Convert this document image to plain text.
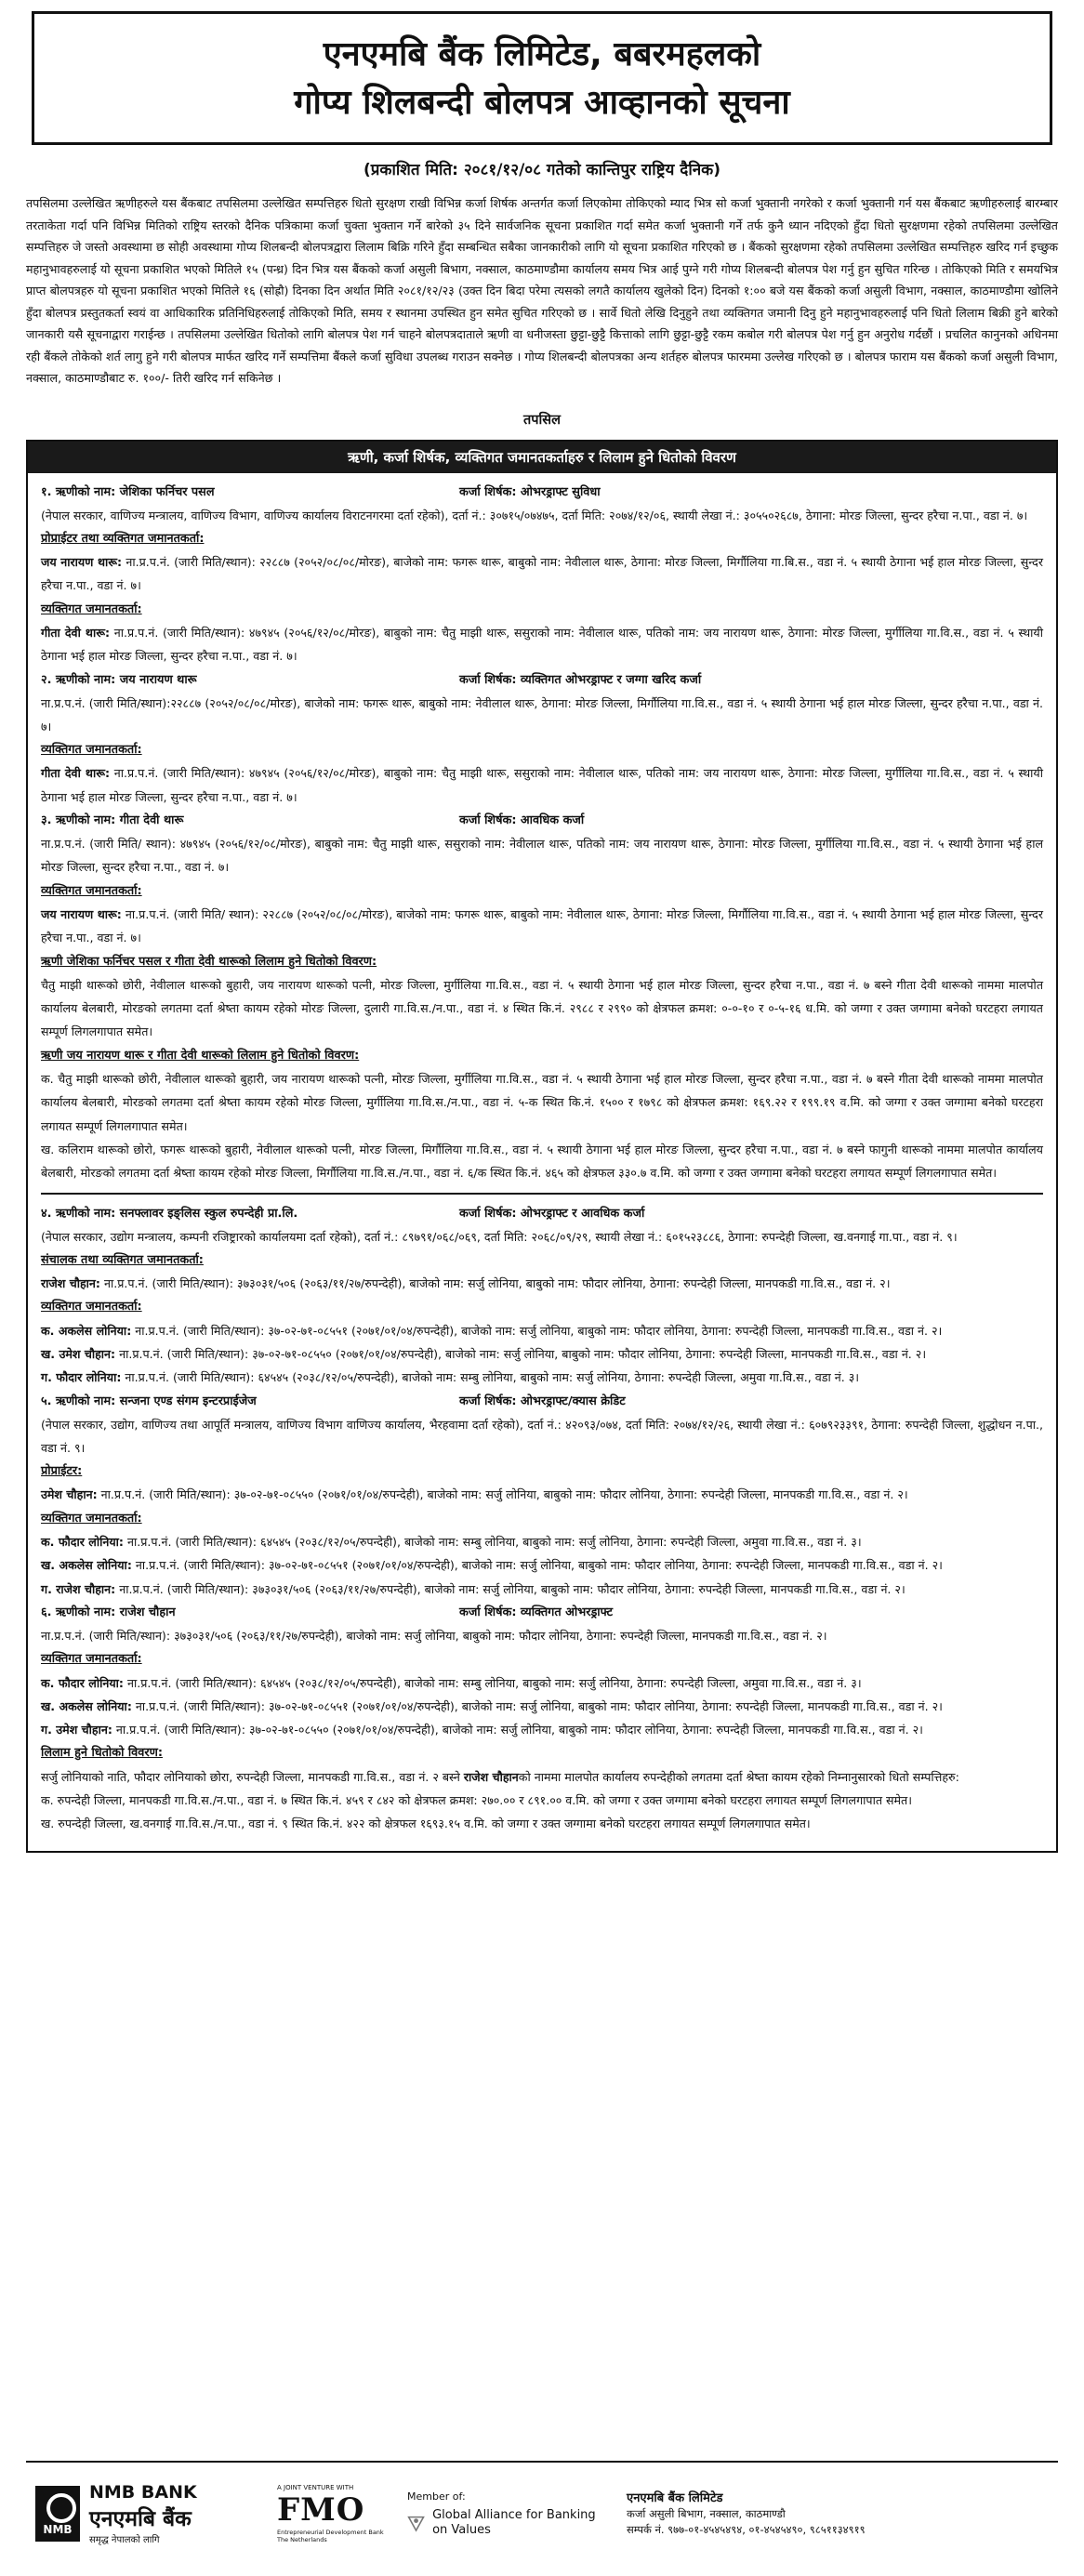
एनएमबि बैंक लिमिटेड, बबरमहलको
गोप्य शिलबन्दी बोलपत्र आव्हानको सूचना
(प्रकाशित मिति: २०८१/१२/०८ गतेको कान्तिपुर राष्ट्रिय दैनिक)
तपसिलमा उल्लेखित ऋणीहरुले यस बैंकबाट तपसिलमा उल्लेखित सम्पत्तिहरु धितो सुरक्षण राखी विभिन्न कर्जा शिर्षक अन्तर्गत कर्जा लिएकोमा तोकिएको म्याद भित्र सो कर्जा भुक्तानी नगरेको र कर्जा भुक्तानी गर्न यस बैंकबाट ऋणीहरुलाई बारम्बार तरताकेता गर्दा पनि विभिन्न मितिको राष्ट्रिय स्तरको दैनिक पत्रिकामा कर्जा चुक्ता भुक्तान गर्ने बारेको ३५ दिने सार्वजनिक सूचना प्रकाशित गर्दा समेत कर्जा भुक्तानी गर्ने तर्फ कुनै ध्यान नदिएको हुँदा धितो सुरक्षणमा रहेको तपसिलमा उल्लेखित सम्पत्तिहरु जे जस्तो अवस्थामा छ सोही अवस्थामा गोप्य शिलबन्दी बोलपत्रद्वारा लिलाम बिक्रि गरिने हुँदा सम्बन्धित सबैका जानकारीको लागि यो सूचना प्रकाशित गरिएको छ । बैंकको सुरक्षणमा रहेको तपसिलमा उल्लेखित सम्पत्तिहरु खरिद गर्न इच्छुक महानुभावहरुलाई यो सूचना प्रकाशित भएको मितिले १५ (पन्ध्र) दिन भित्र यस बैंकको कर्जा असुली बिभाग, नक्साल, काठमाण्डौमा कार्यालय समय भित्र आई पुग्ने गरी गोप्य शिलबन्दी बोलपत्र पेश गर्नु हुन सुचित गरिन्छ । तोकिएको मिति र समयभित्र प्राप्त बोलपत्रहरु यो सूचना प्रकाशित भएको मितिले १६ (सोह्रौ) दिनका दिन अर्थात मिति २०८१/१२/२३ (उक्त दिन बिदा परेमा त्यसको लगतै कार्यालय खुलेको दिन) दिनको १:०० बजे यस बैंकको कर्जा असुली विभाग, नक्साल, काठमाण्डौमा खोलिने हुँदा बोलपत्र प्रस्तुतकर्ता स्वयं वा आधिकारिक प्रतिनिधिहरुलाई तोकिएको मिति, समय र स्थानमा उपस्थित हुन समेत सुचित गरिएको छ । सार्वे धितो लेखि दिनुहुने तथा व्यक्तिगत जमानी दिनु हुने महानुभावहरुलाई पनि धितो लिलाम बिक्री हुने बारेको जानकारी यसै सूचनाद्वारा गराईन्छ । तपसिलमा उल्लेखित धितोको लागि बोलपत्र पेश गर्न चाहने बोलपत्रदाताले ऋणी वा धनीजस्ता छुट्टा-छुट्टै कित्ताको लागि छुट्टा-छुट्टै रकम कबोल गरी बोलपत्र पेश गर्नु हुन अनुरोध गर्दछौं । प्रचलित कानुनको अधिनमा रही बैंकले तोकेको शर्त लागु हुने गरी बोलपत्र मार्फत खरिद गर्ने सम्पत्तिमा बैंकले कर्जा सुविधा उपलब्ध गराउन सक्नेछ । गोप्य शिलबन्दी बोलपत्रका अन्य शर्तहरु बोलपत्र फारममा उल्लेख गरिएको छ । बोलपत्र फाराम यस बैंकको कर्जा असुली विभाग, नक्साल, काठमाण्डौबाट रु. १००/- तिरी खरिद गर्न सकिनेछ ।
तपसिल
ऋणी, कर्जा शिर्षक, व्यक्तिगत जमानतकर्ताहरु र लिलाम हुने धितोको विवरण
१. ऋणीको नाम: जेशिका फर्निचर पसल	कर्जा शिर्षक: ओभरड्राफ्ट सुविधा
(नेपाल सरकार, वाणिज्य मन्त्रालय, वाणिज्य विभाग, वाणिज्य कार्यालय विराटनगरमा दर्ता रहेको), दर्ता नं.: ३०७१५/०७४७५, दर्ता मिति: २०७४/१२/०६, स्थायी लेखा नं.: ३०५५०२६८७, ठेगाना: मोरङ जिल्ला, सुन्दर हरैचा न.पा., वडा नं. ७।
प्रोप्राईटर तथा व्यक्तिगत जमानतकर्ता:
जय नारायण थारू: ना.प्र.प.नं. (जारी मिति/स्थान): २२८८७ (२०५२/०८/०८/मोरङ), बाजेको नाम: फगरू थारू, बाबुको नाम: नेवीलाल थारू, ठेगाना: मोरङ जिल्ला, मिर्गौलिया गा.बि.स., वडा नं. ५ स्थायी ठेगाना भई हाल मोरङ जिल्ला, सुन्दर हरैचा न.पा., वडा नं. ७।
व्यक्तिगत जमानतकर्ता:
गीता देवी थारू: ना.प्र.प.नं. (जारी मिति/स्थान): ४७९४५ (२०५६/१२/०८/मोरङ), बाबुको नाम: चैतु माझी थारू, ससुराको नाम: नेवीलाल थारू, पतिको नाम: जय नारायण थारू, ठेगाना: मोरङ जिल्ला, मुर्गीलिया गा.वि.स., वडा नं. ५ स्थायी ठेगाना भई हाल मोरङ जिल्ला, सुन्दर हरैचा न.पा., वडा नं. ७।
२. ऋणीको नाम: जय नारायण थारू	कर्जा शिर्षक: व्यक्तिगत ओभरड्राफ्ट र जग्गा खरिद कर्जा
ना.प्र.प.नं. (जारी मिति/स्थान):२२८८७ (२०५२/०८/०८/मोरङ), बाजेको नाम: फगरू थारू, बाबुको नाम: नेवीलाल थारू, ठेगाना: मोरङ जिल्ला, मिर्गौलिया गा.वि.स., वडा नं. ५ स्थायी ठेगाना भई हाल मोरङ जिल्ला, सुन्दर हरैचा न.पा., वडा नं. ७।
व्यक्तिगत जमानतकर्ता:
गीता देवी थारू: ना.प्र.प.नं. (जारी मिति/स्थान): ४७९४५ (२०५६/१२/०८/मोरङ), बाबुको नाम: चैतु माझी थारू, ससुराको नाम: नेवीलाल थारू, पतिको नाम: जय नारायण थारू, ठेगाना: मोरङ जिल्ला, मुर्गीलिया गा.वि.स., वडा नं. ५ स्थायी ठेगाना भई हाल मोरङ जिल्ला, सुन्दर हरैचा न.पा., वडा नं. ७।
३. ऋणीको नाम: गीता देवी थारू	कर्जा शिर्षक: आवधिक कर्जा
ना.प्र.प.नं. (जारी मिति/ स्थान): ४७९४५ (२०५६/१२/०८/मोरङ), बाबुको नाम: चैतु माझी थारू, ससुराको नाम: नेवीलाल थारू, पतिको नाम: जय नारायण थारू, ठेगाना: मोरङ जिल्ला, मुर्गीलिया गा.वि.स., वडा नं. ५ स्थायी ठेगाना भई हाल मोरङ जिल्ला, सुन्दर हरैचा न.पा., वडा नं. ७।
व्यक्तिगत जमानतकर्ता:
जय नारायण थारू: ना.प्र.प.नं. (जारी मिति/ स्थान): २२८८७ (२०५२/०८/०८/मोरङ), बाजेको नाम: फगरू थारू, बाबुको नाम: नेवीलाल थारू, ठेगाना: मोरङ जिल्ला, मिर्गौलिया गा.वि.स., वडा नं. ५ स्थायी ठेगाना भई हाल मोरङ जिल्ला, सुन्दर हरैचा न.पा., वडा नं. ७।
ऋणी जेशिका फर्निचर पसल र गीता देवी थारूको लिलाम हुने धितोको विवरण:
चैतु माझी थारूको छोरी, नेवीलाल थारूको बुहारी, जय नारायण थारूको पत्नी, मोरङ जिल्ला, मुर्गीलिया गा.वि.स., वडा नं. ५ स्थायी ठेगाना भई हाल मोरङ जिल्ला, सुन्दर हरैचा न.पा., वडा नं. ७ बस्ने गीता देवी थारूको नाममा मालपोत कार्यालय बेलबारी, मोरङको लगतमा दर्ता श्रेष्ता कायम रहेको मोरङ जिल्ला, दुलारी गा.वि.स./न.पा., वडा नं. ४ स्थित कि.नं. २९८८ र २९९० को क्षेत्रफल क्रमश: ०-०-१० र ०-५-१६ ध.मि. को जग्गा र उक्त जग्गामा बनेको घरटहरा लगायत सम्पूर्ण लिगलगापात समेत।
ऋणी जय नारायण थारू र गीता देवी थारूको लिलाम हुने धितोको विवरण:
क. चैतु माझी थारूको छोरी, नेवीलाल थारूको बुहारी, जय नारायण थारूको पत्नी, मोरङ जिल्ला, मुर्गीलिया गा.वि.स., वडा नं. ५ स्थायी ठेगाना भई हाल मोरङ जिल्ला, सुन्दर हरैचा न.पा., वडा नं. ७ बस्ने गीता देवी थारूको नाममा मालपोत कार्यालय बेलबारी, मोरङको लगतमा दर्ता श्रेष्ता कायम रहेको मोरङ जिल्ला, मुर्गीलिया गा.वि.स./न.पा., वडा नं. ५-क स्थित कि.नं. १५०० र १७९८ को क्षेत्रफल क्रमश: १६९.२२ र १९९.१९ व.मि. को जग्गा र उक्त जग्गामा बनेको घरटहरा लगायत सम्पूर्ण लिगलगापात समेत।
ख. कलिराम थारूको छोरो, फगरू थारूको बुहारी, नेवीलाल थारूको पत्नी, मोरङ जिल्ला, मिर्गौलिया गा.वि.स., वडा नं. ५ स्थायी ठेगाना भई हाल मोरङ जिल्ला, सुन्दर हरैचा न.पा., वडा नं. ७ बस्ने फागुनी थारूको नाममा मालपोत कार्यालय बेलबारी, मोरङको लगतमा दर्ता श्रेष्ता कायम रहेको मोरङ जिल्ला, मिर्गौलिया गा.वि.स./न.पा., वडा नं. ६/क स्थित कि.नं. ४६५ को क्षेत्रफल ३३०.७ व.मि. को जग्गा र उक्त जग्गामा बनेको घरटहरा लगायत सम्पूर्ण लिगलगापात समेत।
४. ऋणीको नाम: सनफ्लावर इङ्लिस स्कुल रुपन्देही प्रा.लि.	कर्जा शिर्षक: ओभरड्राफ्ट र आवधिक कर्जा
(नेपाल सरकार, उद्योग मन्त्रालय, कम्पनी रजिष्ट्रारको कार्यालयमा दर्ता रहेको), दर्ता नं.: ८९७९१/०६८/०६९, दर्ता मिति: २०६८/०९/२९, स्थायी लेखा नं.: ६०१५२३८८६, ठेगाना: रुपन्देही जिल्ला, ख.वनगाई गा.पा., वडा नं. ९।
संचालक तथा व्यक्तिगत जमानतकर्ता:
राजेश चौहान: ना.प्र.प.नं. (जारी मिति/स्थान): ३७३०३१/५०६ (२०६३/११/२७/रुपन्देही), बाजेको नाम: सर्जु लोनिया, बाबुको नाम: फौदार लोनिया, ठेगाना: रुपन्देही जिल्ला, मानपकडी गा.वि.स., वडा नं. २।
व्यक्तिगत जमानतकर्ता:
क. अकलेस लोनिया: ना.प्र.प.नं. (जारी मिति/स्थान): ३७-०२-७१-०८५५१ (२०७१/०१/०४/रुपन्देही), बाजेको नाम: सर्जु लोनिया, बाबुको नाम: फौदार लोनिया, ठेगाना: रुपन्देही जिल्ला, मानपकडी गा.वि.स., वडा नं. २।
ख. उमेश चौहान: ना.प्र.प.नं. (जारी मिति/स्थान): ३७-०२-७१-०८५५० (२०७१/०१/०४/रुपन्देही), बाजेको नाम: सर्जु लोनिया, बाबुको नाम: फौदार लोनिया, ठेगाना: रुपन्देही जिल्ला, मानपकडी गा.वि.स., वडा नं. २।
ग. फौदार लोनिया: ना.प्र.प.नं. (जारी मिति/स्थान): ६४५४५ (२०३८/१२/०५/रुपन्देही), बाजेको नाम: सम्बु लोनिया, बाबुको नाम: सर्जु लोनिया, ठेगाना: रुपन्देही जिल्ला, अमुवा गा.वि.स., वडा नं. ३।
५. ऋणीको नाम: सन्जना एण्ड संगम इन्टरप्राईजेज	कर्जा शिर्षक: ओभरड्राफ्ट/क्यास क्रेडिट
(नेपाल सरकार, उद्योग, वाणिज्य तथा आपूर्ति मन्त्रालय, वाणिज्य विभाग वाणिज्य कार्यालय, भैरहवामा दर्ता रहेको), दर्ता नं.: ४२०९३/०७४, दर्ता मिति: २०७४/१२/२६, स्थायी लेखा नं.: ६०७९२३३९१, ठेगाना: रुपन्देही जिल्ला, शुद्धोधन न.पा., वडा नं. ९।
प्रोप्राईटर:
उमेश चौहान: ना.प्र.प.नं. (जारी मिति/स्थान): ३७-०२-७१-०८५५० (२०७१/०१/०४/रुपन्देही), बाजेको नाम: सर्जु लोनिया, बाबुको नाम: फौदार लोनिया, ठेगाना: रुपन्देही जिल्ला, मानपकडी गा.वि.स., वडा नं. २।
व्यक्तिगत जमानतकर्ता:
क. फौदार लोनिया: ना.प्र.प.नं. (जारी मिति/स्थान): ६४५४५ (२०३८/१२/०५/रुपन्देही), बाजेको नाम: सम्बु लोनिया, बाबुको नाम: सर्जु लोनिया, ठेगाना: रुपन्देही जिल्ला, अमुवा गा.वि.स., वडा नं. ३।
ख. अकलेस लोनिया: ना.प्र.प.नं. (जारी मिति/स्थान): ३७-०२-७१-०८५५१ (२०७१/०१/०४/रुपन्देही), बाजेको नाम: सर्जु लोनिया, बाबुको नाम: फौदार लोनिया, ठेगाना: रुपन्देही जिल्ला, मानपकडी गा.वि.स., वडा नं. २।
ग. राजेश चौहान: ना.प्र.प.नं. (जारी मिति/स्थान): ३७३०३१/५०६ (२०६३/११/२७/रुपन्देही), बाजेको नाम: सर्जु लोनिया, बाबुको नाम: फौदार लोनिया, ठेगाना: रुपन्देही जिल्ला, मानपकडी गा.वि.स., वडा नं. २।
६. ऋणीको नाम: राजेश चौहान	कर्जा शिर्षक: व्यक्तिगत ओभरड्राफ्ट
ना.प्र.प.नं. (जारी मिति/स्थान): ३७३०३१/५०६ (२०६३/११/२७/रुपन्देही), बाजेको नाम: सर्जु लोनिया, बाबुको नाम: फौदार लोनिया, ठेगाना: रुपन्देही जिल्ला, मानपकडी गा.वि.स., वडा नं. २।
व्यक्तिगत जमानतकर्ता:
क. फौदार लोनिया: ना.प्र.प.नं. (जारी मिति/स्थान): ६४५४५ (२०३८/१२/०५/रुपन्देही), बाजेको नाम: सम्बु लोनिया, बाबुको नाम: सर्जु लोनिया, ठेगाना: रुपन्देही जिल्ला, अमुवा गा.वि.स., वडा नं. ३।
ख. अकलेस लोनिया: ना.प्र.प.नं. (जारी मिति/स्थान): ३७-०२-७१-०८५५१ (२०७१/०१/०४/रुपन्देही), बाजेको नाम: सर्जु लोनिया, बाबुको नाम: फौदार लोनिया, ठेगाना: रुपन्देही जिल्ला, मानपकडी गा.वि.स., वडा नं. २।
ग. उमेश चौहान: ना.प्र.प.नं. (जारी मिति/स्थान): ३७-०२-७१-०८५५० (२०७१/०१/०४/रुपन्देही), बाजेको नाम: सर्जु लोनिया, बाबुको नाम: फौदार लोनिया, ठेगाना: रुपन्देही जिल्ला, मानपकडी गा.वि.स., वडा नं. २।
लिलाम हुने धितोको विवरण:
सर्जु लोनियाको नाति, फौदार लोनियाको छोरा, रुपन्देही जिल्ला, मानपकडी गा.वि.स., वडा नं. २ बस्ने राजेश चौहानको नाममा मालपोत कार्यालय रुपन्देहीको लगतमा दर्ता श्रेष्ता कायम रहेको निम्नानुसारको धितो सम्पत्तिहरु:
क. रुपन्देही जिल्ला, मानपकडी गा.वि.स./न.पा., वडा नं. ७ स्थित कि.नं. ४५९ र ८४२ को क्षेत्रफल क्रमश: २७०.०० र ८९१.०० व.मि. को जग्गा र उक्त जग्गामा बनेको घरटहरा लगायत सम्पूर्ण लिगलगापात समेत।
ख. रुपन्देही जिल्ला, ख.वनगाई गा.वि.स./न.पा., वडा नं. ९ स्थित कि.नं. ४२२ को क्षेत्रफल १६९३.१५ व.मि. को जग्गा र उक्त जग्गामा बनेको घरटहरा लगायत सम्पूर्ण लिगलगापात समेत।
NMB
NMB BANK
एनएमबि बैंक
समृद्ध नेपालको लागि
A JOINT VENTURE WITH
FMO
Entrepreneurial Development Bank
The Netherlands
Member of:
Global Alliance for Banking on Values
एनएमबि बैंक लिमिटेड
कर्जा असुली बिभाग, नक्साल, काठमाण्डौ
सम्पर्क नं. ९७७-०१-४५४५४९४, ०१-४५४५४९०, ९८५११३४९१९
